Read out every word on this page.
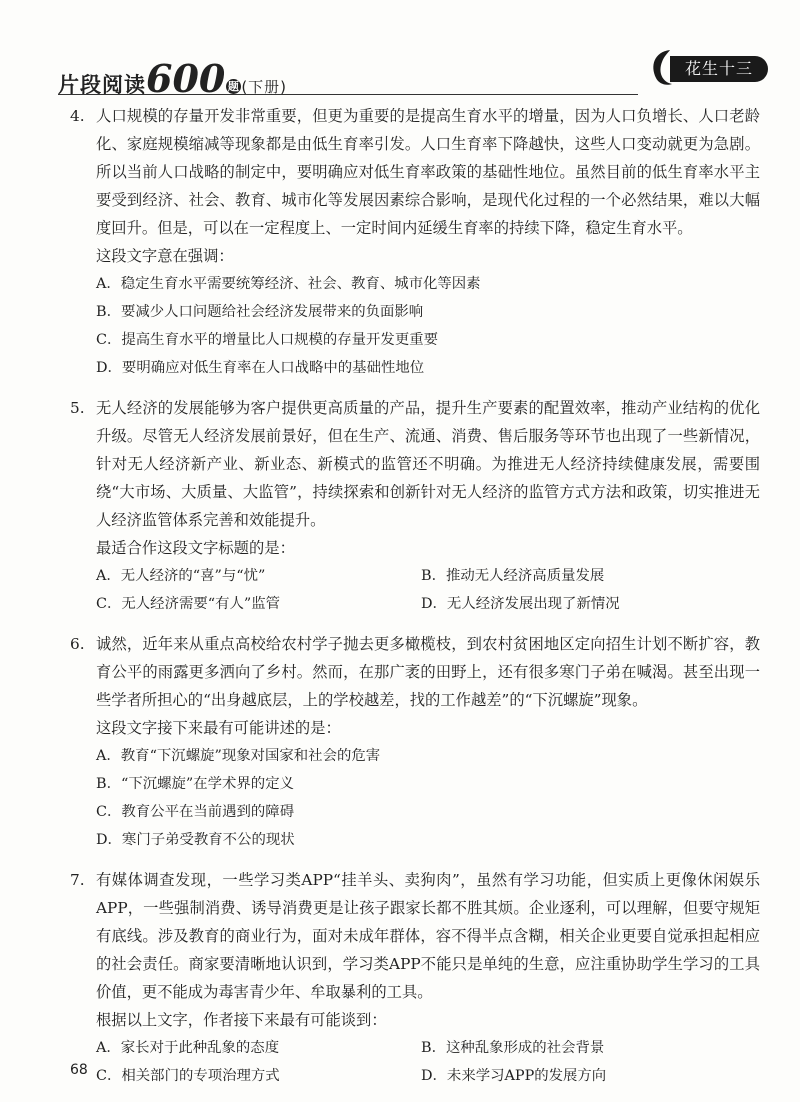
片段阅读600 题 (下册)
花生十三
4. 人口规模的存量开发非常重要，但更为重要的是提高生育水平的增量，因为人口负增长、人口老龄化、家庭规模缩减等现象都是由低生育率引发。人口生育率下降越快，这些人口变动就更为急剧。所以当前人口战略的制定中，要明确应对低生育率政策的基础性地位。虽然目前的低生育率水平主要受到经济、社会、教育、城市化等发展因素综合影响，是现代化过程的一个必然结果，难以大幅度回升。但是，可以在一定程度上、一定时间内延缓生育率的持续下降，稳定生育水平。
这段文字意在强调：
A．稳定生育水平需要统筹经济、社会、教育、城市化等因素
B．要减少人口问题给社会经济发展带来的负面影响
C．提高生育水平的增量比人口规模的存量开发更重要
D．要明确应对低生育率在人口战略中的基础性地位
5. 无人经济的发展能够为客户提供更高质量的产品，提升生产要素的配置效率，推动产业结构的优化升级。尽管无人经济发展前景好，但在生产、流通、消费、售后服务等环节也出现了一些新情况，针对无人经济新产业、新业态、新模式的监管还不明确。为推进无人经济持续健康发展，需要围绕“大市场、大质量、大监管”，持续探索和创新针对无人经济的监管方式方法和政策，切实推进无人经济监管体系完善和效能提升。
最适合作这段文字标题的是：
A．无人经济的“喜”与“忧”	B．推动无人经济高质量发展
C．无人经济需要“有人”监管	D．无人经济发展出现了新情况
6. 诚然，近年来从重点高校给农村学子抛去更多橄榄枝，到农村贫困地区定向招生计划不断扩容，教育公平的雨露更多洒向了乡村。然而，在那广袤的田野上，还有很多寒门子弟在喊渴。甚至出现一些学者所担心的“出身越底层，上的学校越差，找的工作越差”的“下沉螺旋”现象。
这段文字接下来最有可能讲述的是：
A．教育“下沉螺旋”现象对国家和社会的危害
B．“下沉螺旋”在学术界的定义
C．教育公平在当前遇到的障碍
D．寒门子弟受教育不公的现状
7. 有媒体调查发现，一些学习类APP“挂羊头、卖狗肉”，虽然有学习功能，但实质上更像休闲娱乐APP，一些强制消费、诱导消费更是让孩子跟家长都不胜其烦。企业逐利，可以理解，但要守规矩有底线。涉及教育的商业行为，面对未成年群体，容不得半点含糊，相关企业更要自觉承担起相应的社会责任。商家要清晰地认识到，学习类APP不能只是单纯的生意，应注重协助学生学习的工具价值，更不能成为毒害青少年、牟取暴利的工具。
根据以上文字，作者接下来最有可能谈到：
A．家长对于此种乱象的态度	B．这种乱象形成的社会背景
C．相关部门的专项治理方式	D．未来学习APP的发展方向
68
